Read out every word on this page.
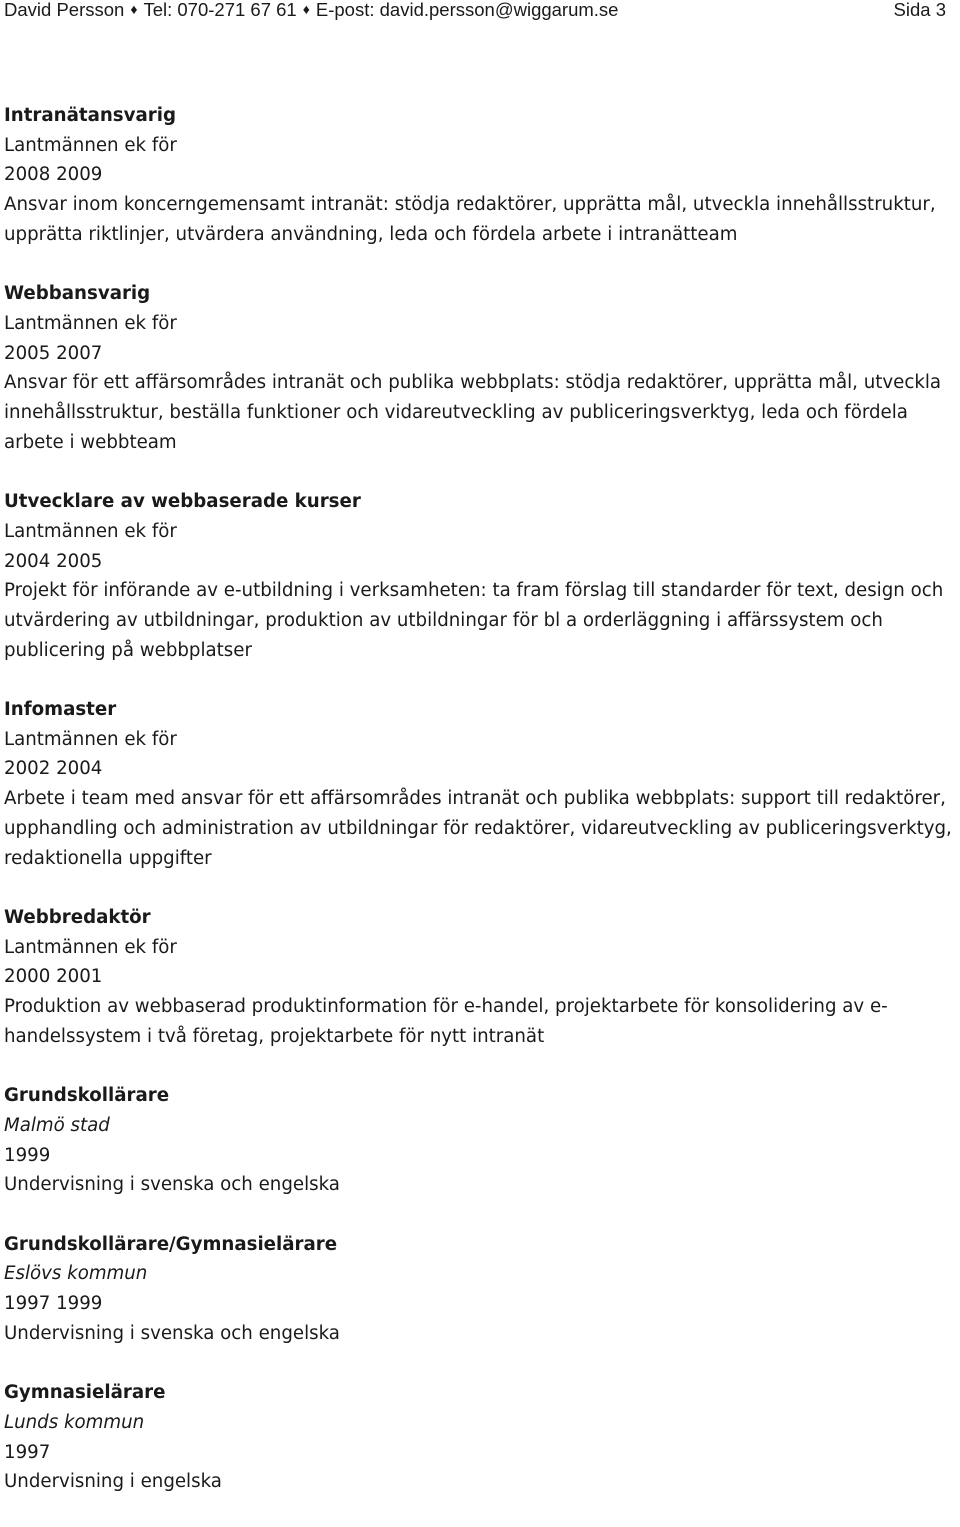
David Persson ♦ Tel: 070-271 67 61 ♦ E-post: david.persson@wiggarum.se	Sida 3
Intranätansvarig
Lantmännen ek för
2008 2009
Ansvar inom koncerngemensamt intranät: stödja redaktörer, upprätta mål, utveckla innehållsstruktur, upprätta riktlinjer, utvärdera användning, leda och fördela arbete i intranätteam
Webbansvarig
Lantmännen ek för
2005 2007
Ansvar för ett affärsområdes intranät och publika webbplats: stödja redaktörer, upprätta mål, utveckla innehållsstruktur, beställa funktioner och vidareutveckling av publiceringsverktyg, leda och fördela arbete i webbteam
Utvecklare av webbaserade kurser
Lantmännen ek för
2004 2005
Projekt för införande av e-utbildning i verksamheten: ta fram förslag till standarder för text, design och utvärdering av utbildningar, produktion av utbildningar för bl a orderläggning i affärssystem och publicering på webbplatser
Infomaster
Lantmännen ek för
2002 2004
Arbete i team med ansvar för ett affärsområdes intranät och publika webbplats: support till redaktörer, upphandling och administration av utbildningar för redaktörer, vidareutveckling av publiceringsverktyg, redaktionella uppgifter
Webbredaktör
Lantmännen ek för
2000 2001
Produktion av webbaserad produktinformation för e-handel, projektarbete för konsolidering av e-handelssystem i två företag, projektarbete för nytt intranät
Grundskollärare
Malmö stad
1999
Undervisning i svenska och engelska
Grundskollärare/Gymnasielärare
Eslövs kommun
1997 1999
Undervisning i svenska och engelska
Gymnasielärare
Lunds kommun
1997
Undervisning i engelska
